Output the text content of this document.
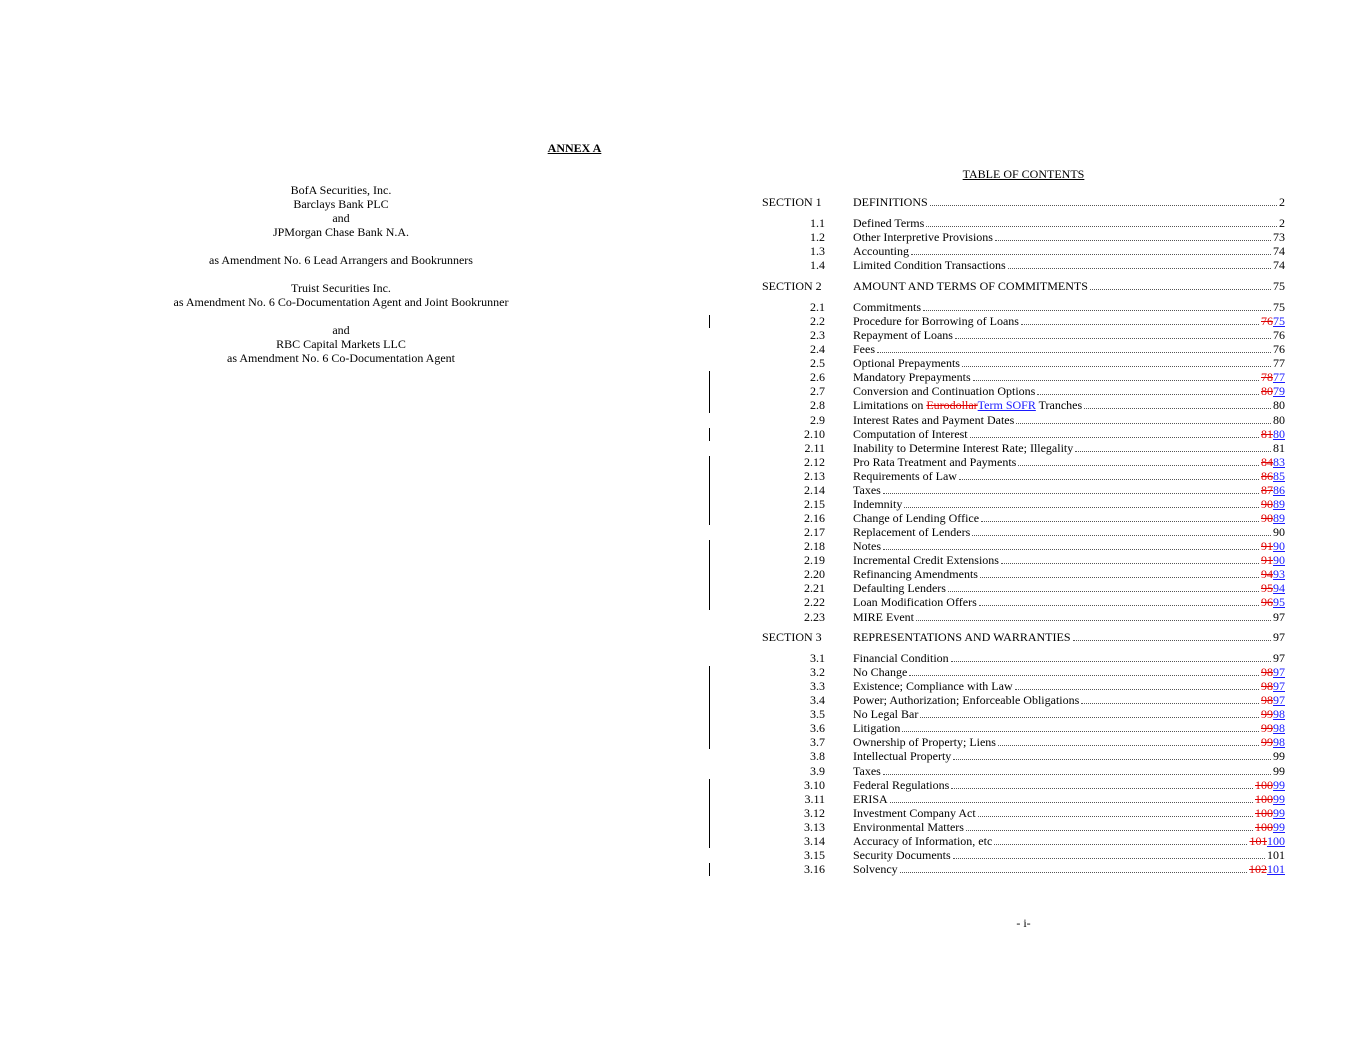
ANNEX A
BofA Securities, Inc.
Barclays Bank PLC
and
JPMorgan Chase Bank N.A.
as Amendment No. 6 Lead Arrangers and Bookrunners
Truist Securities Inc.
as Amendment No. 6 Co-Documentation Agent and Joint Bookrunner
and
RBC Capital Markets LLC
as Amendment No. 6 Co-Documentation Agent
TABLE OF CONTENTS
SECTION 1	DEFINITIONS	2
1.1 Defined Terms	2
1.2 Other Interpretive Provisions	73
1.3 Accounting	74
1.4 Limited Condition Transactions	74
SECTION 2	AMOUNT AND TERMS OF COMMITMENTS	75
2.1 Commitments	75
2.2 Procedure for Borrowing of Loans	7675
2.3 Repayment of Loans	76
2.4 Fees	76
2.5 Optional Prepayments	77
2.6 Mandatory Prepayments	7877
2.7 Conversion and Continuation Options	8079
2.8 Limitations on EurodollarTerm SOFR Tranches	80
2.9 Interest Rates and Payment Dates	80
2.10 Computation of Interest	8180
2.11 Inability to Determine Interest Rate; Illegality	81
2.12 Pro Rata Treatment and Payments	8483
2.13 Requirements of Law	8685
2.14 Taxes	8786
2.15 Indemnity	9089
2.16 Change of Lending Office	9089
2.17 Replacement of Lenders	90
2.18 Notes	9190
2.19 Incremental Credit Extensions	9190
2.20 Refinancing Amendments	9493
2.21 Defaulting Lenders	9594
2.22 Loan Modification Offers	9695
2.23 MIRE Event	97
SECTION 3	REPRESENTATIONS AND WARRANTIES	97
3.1 Financial Condition	97
3.2 No Change	9897
3.3 Existence; Compliance with Law	9897
3.4 Power; Authorization; Enforceable Obligations	9897
3.5 No Legal Bar	9998
3.6 Litigation	9998
3.7 Ownership of Property; Liens	9998
3.8 Intellectual Property	99
3.9 Taxes	99
3.10 Federal Regulations	10099
3.11 ERISA	10099
3.12 Investment Company Act	10099
3.13 Environmental Matters	10099
3.14 Accuracy of Information, etc	101100
3.15 Security Documents	101
3.16 Solvency	102101
- i-
